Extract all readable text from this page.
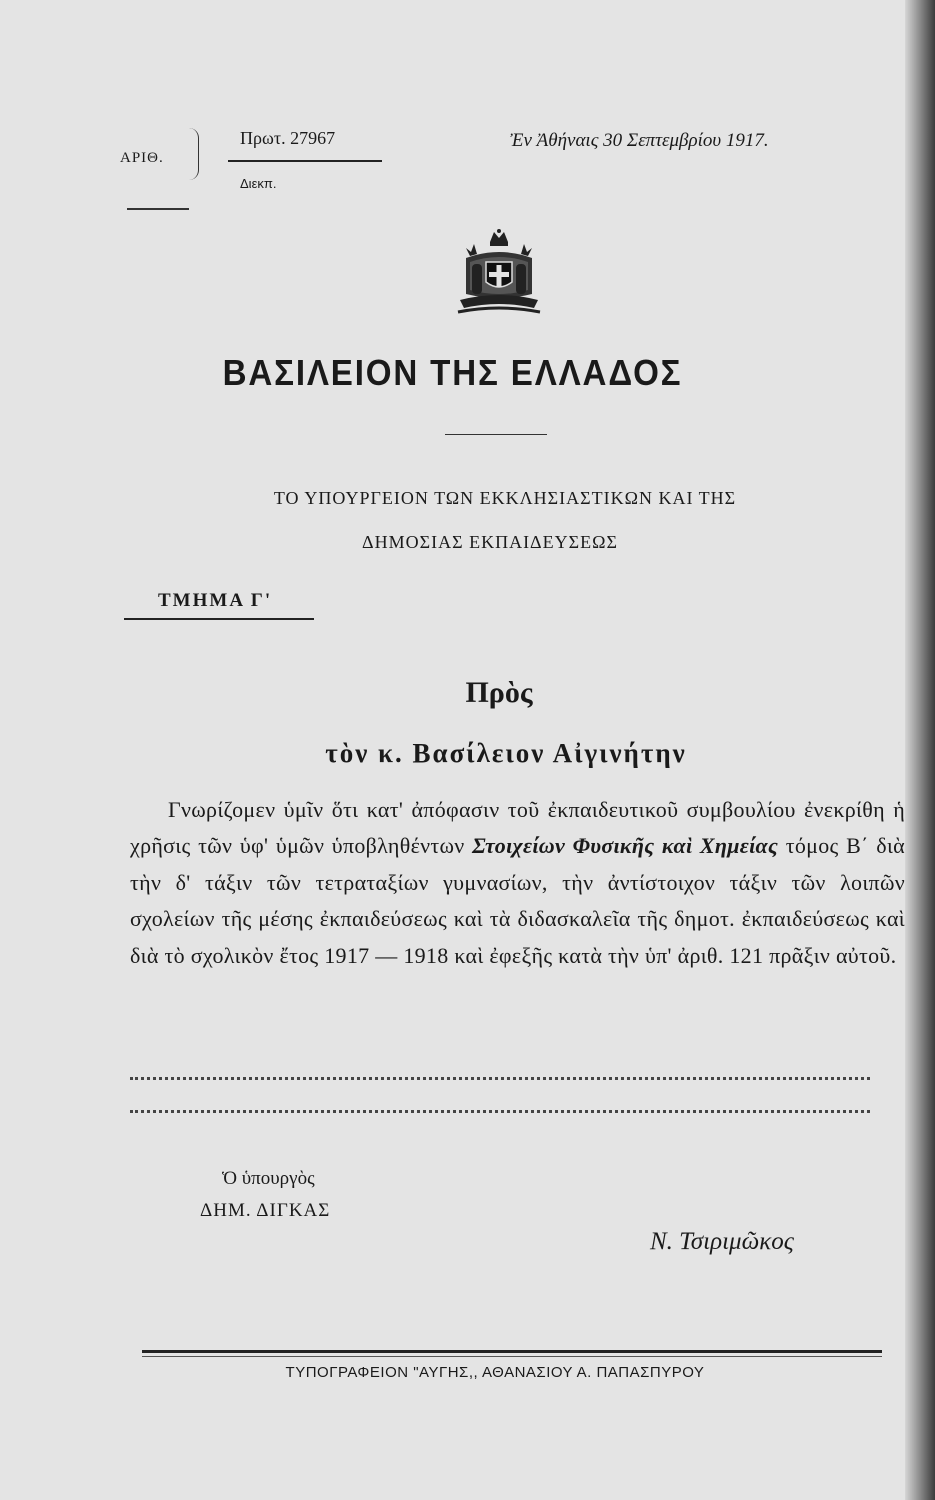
ΑΡΙΘ.
Πρωτ. 27967
Διεκπ.
Ἐν Ἀθήναις 30 Σεπτεμβρίου 1917.
ΒΑΣΙΛΕΙΟΝ ΤΗΣ ΕΛΛΑΔΟΣ
ΤΟ ΥΠΟΥΡΓΕΙΟΝ ΤΩΝ ΕΚΚΛΗΣΙΑΣΤΙΚΩΝ ΚΑΙ ΤΗΣ
ΔΗΜΟΣΙΑΣ ΕΚΠΑΙΔΕΥΣΕΩΣ
ΤΜΗΜΑ Γ'
Πρὸς
τὸν κ. Βασίλειον Αἰγινήτην
Γνωρίζομεν ὑμῖν ὅτι κατ' ἀπόφασιν τοῦ ἐκπαιδευτικοῦ συμβουλίου ἐνεκρίθη ἡ χρῆσις τῶν ὑφ' ὑμῶν ὑποβληθέντων Στοιχείων Φυσικῆς καὶ Χημείας τόμος Β΄ διὰ τὴν δ' τάξιν τῶν τετραταξίων γυμνασίων, τὴν ἀντίστοιχον τάξιν τῶν λοιπῶν σχολείων τῆς μέσης ἐκπαιδεύσεως καὶ τὰ διδασκαλεῖα τῆς δημοτ. ἐκπαιδεύσεως καὶ διὰ τὸ σχολικὸν ἔτος 1917 — 1918 καὶ ἐφεξῆς κατὰ τὴν ὑπ' ἀριθ. 121 πρᾶξιν αὐτοῦ.
Ὁ ὑπουργὸς
ΔΗΜ. ΔΙΓΚΑΣ
Ν. Τσιριμῶκος
ΤΥΠΟΓΡΑΦΕΙΟΝ "ΑΥΓΗΣ,, ΑΘΑΝΑΣΙΟΥ Α. ΠΑΠΑΣΠΥΡΟΥ
